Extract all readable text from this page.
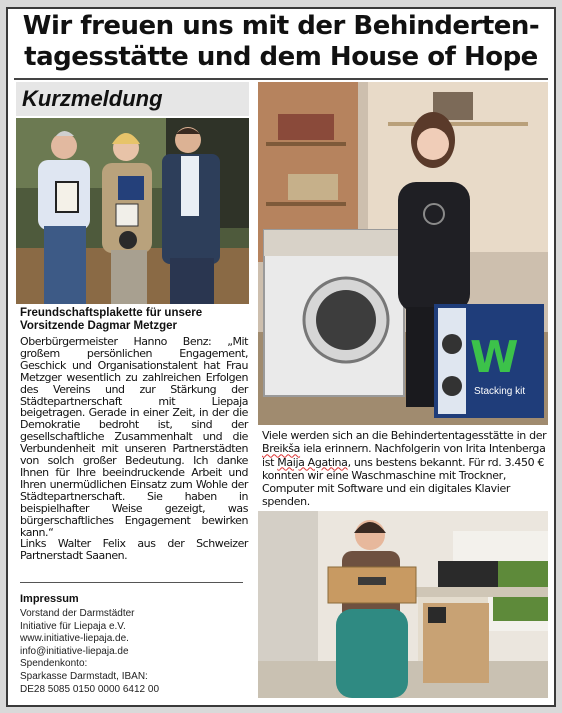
Wir freuen uns mit der Behinderten-
tagesstätte und dem House of Hope
Kurzmeldung
Freundschaftsplakette für unsere Vorsitzende Dagmar Metzger

Oberbürgermeister Hanno Benz: „Mit großem persönlichen Engagement, Geschick und Organisationstalent hat Frau Metzger wesentlich zu zahlreichen Erfolgen des Vereins und zur Stärkung der Städtepartnerschaft mit Liepaja beigetragen. Gerade in einer Zeit, in der die Demokratie bedroht ist, sind der gesellschaftliche Zusammenhalt und die Verbundenheit mit unseren Partnerstädten von solch großer Bedeutung. Ich danke Ihnen für Ihre beeindruckende Arbeit und Ihren unermüdlichen Einsatz zum Wohle der Städtepartnerschaft. Sie haben in beispielhafter Weise gezeigt, was bürgerschaftliches Engagement bewirken kann.“

Links Walter Felix aus der Schweizer Partnerstadt Saanen.

Impressum
Vorstand der Darmstädter
Initiative für Liepaja e.V.
www.initiative-liepaja.de.
info@initiative-liepaja.de
Spendenkonto:
Sparkasse Darmstadt, IBAN:
DE28 5085 0150 0000 6412 00
W
Stacking kit

Viele werden sich an die Behindertentagesstätte in der Breikša iela erinnern. Nachfolgerin von Irita Intenberga ist Maija Agatina, uns bestens bekannt. Für rd. 3.450 € konnten wir eine Waschmaschine mit Trockner, Computer mit Software und ein digitales Klavier spenden.
